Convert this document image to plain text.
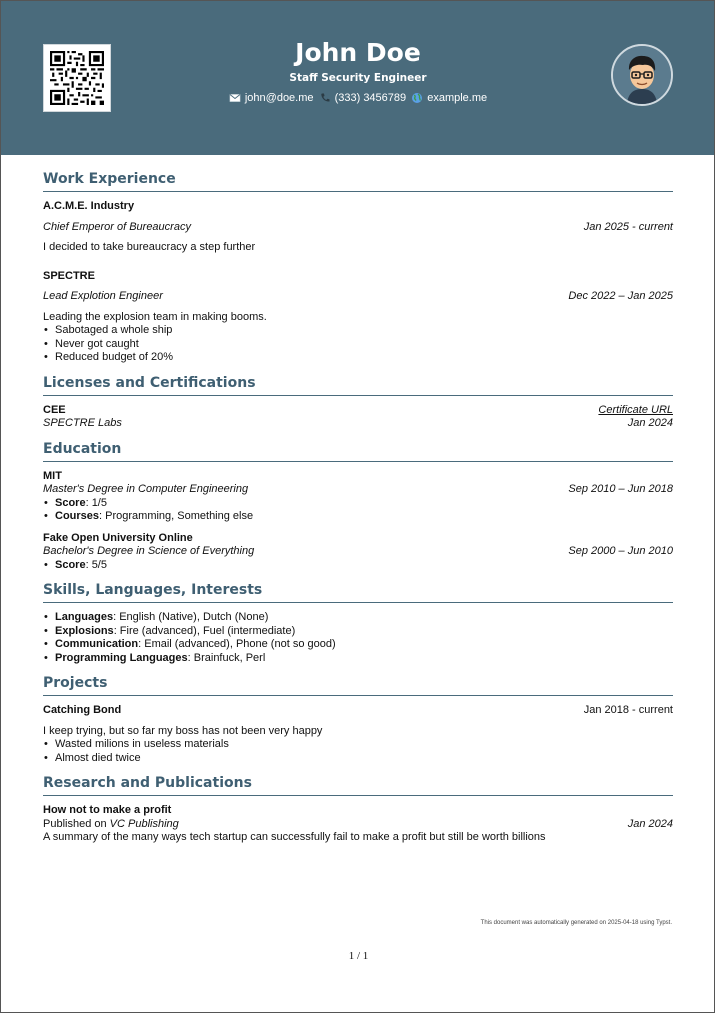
John Doe
Staff Security Engineer
john@doe.me
(333) 3456789
example.me
Work Experience
A.C.M.E. Industry
Chief Emperor of Bureaucracy	Jan 2025 - current
I decided to take bureaucracy a step further
SPECTRE
Lead Explotion Engineer	Dec 2022 – Jan 2025
Leading the explosion team in making booms.
• Sabotaged a whole ship
• Never got caught
• Reduced budget of 20%
Licenses and Certifications
CEE	Certificate URL
SPECTRE Labs	Jan 2024
Education
MIT
Master's Degree in Computer Engineering	Sep 2010 – Jun 2018
• Score: 1/5
• Courses: Programming, Something else
Fake Open University Online
Bachelor's Degree in Science of Everything	Sep 2000 – Jun 2010
• Score: 5/5
Skills, Languages, Interests
• Languages: English (Native), Dutch (None)
• Explosions: Fire (advanced), Fuel (intermediate)
• Communication: Email (advanced), Phone (not so good)
• Programming Languages: Brainfuck, Perl
Projects
Catching Bond	Jan 2018 - current
I keep trying, but so far my boss has not been very happy
• Wasted milions in useless materials
• Almost died twice
Research and Publications
How not to make a profit
Published on VC Publishing	Jan 2024
A summary of the many ways tech startup can successfully fail to make a profit but still be worth billions
This document was automatically generated on 2025-04-18 using Typst.
1 / 1
